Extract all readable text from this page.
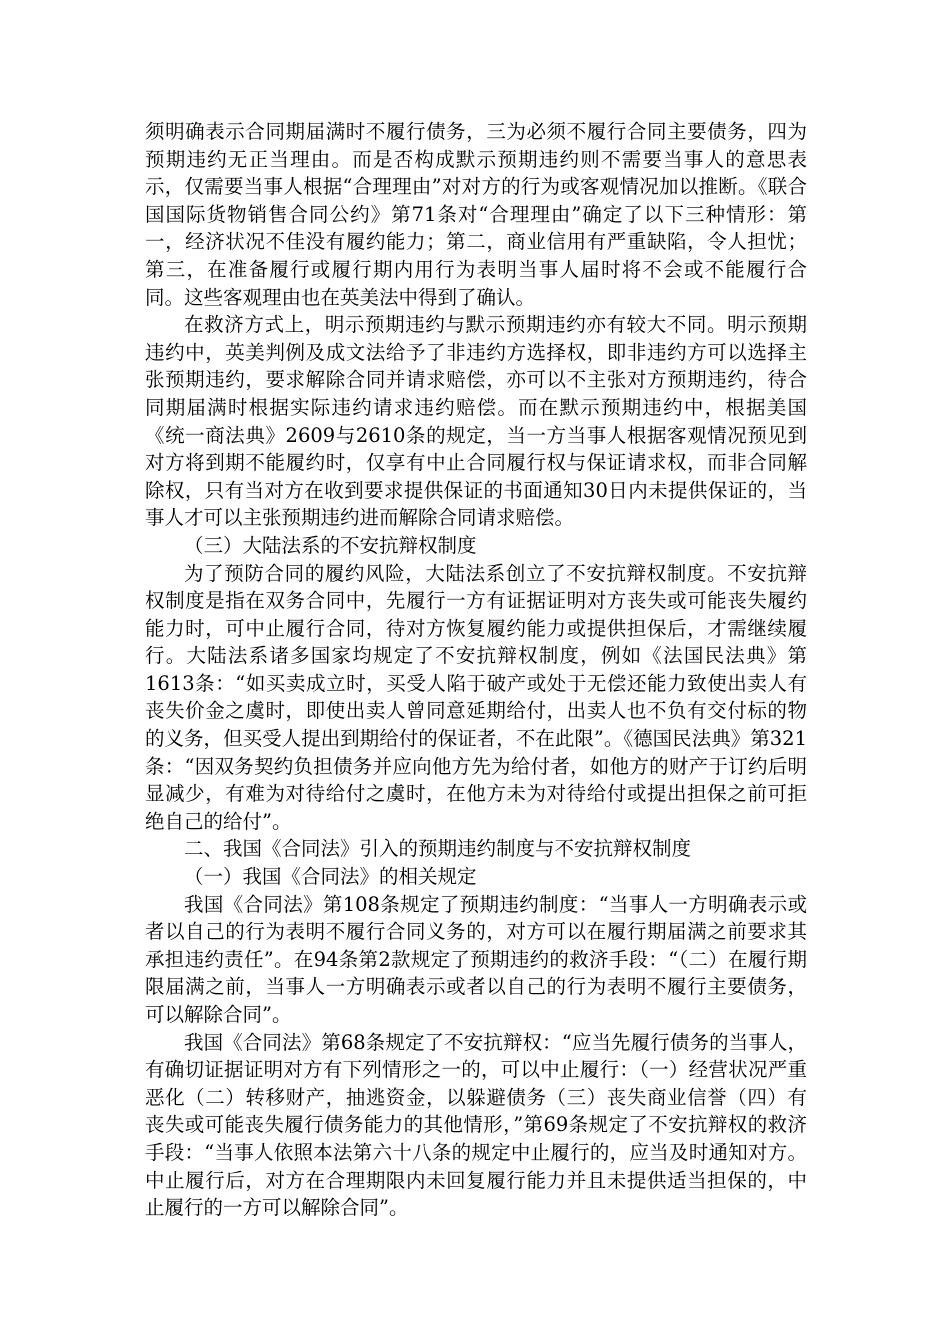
须明确表示合同期届满时不履行债务，三为必须不履行合同主要债务，四为预期违约无正当理由。而是否构成默示预期违约则不需要当事人的意思表示，仅需要当事人根据“合理理由”对对方的行为或客观情况加以推断。《联合国国际货物销售合同公约》第71条对“合理理由”确定了以下三种情形：第一，经济状况不佳没有履约能力；第二，商业信用有严重缺陷，令人担忧；第三，在准备履行或履行期内用行为表明当事人届时将不会或不能履行合同。这些客观理由也在英美法中得到了确认。

在救济方式上，明示预期违约与默示预期违约亦有较大不同。明示预期违约中，英美判例及成文法给予了非违约方选择权，即非违约方可以选择主张预期违约，要求解除合同并请求赔偿，亦可以不主张对方预期违约，待合同期届满时根据实际违约请求违约赔偿。而在默示预期违约中，根据美国《统一商法典》2609与2610条的规定，当一方当事人根据客观情况预见到对方将到期不能履约时，仅享有中止合同履行权与保证请求权，而非合同解除权，只有当对方在收到要求提供保证的书面通知30日内未提供保证的，当事人才可以主张预期违约进而解除合同请求赔偿。

（三）大陆法系的不安抗辩权制度

为了预防合同的履约风险，大陆法系创立了不安抗辩权制度。不安抗辩权制度是指在双务合同中，先履行一方有证据证明对方丧失或可能丧失履约能力时，可中止履行合同，待对方恢复履约能力或提供担保后，才需继续履行。大陆法系诸多国家均规定了不安抗辩权制度，例如《法国民法典》第1613条：“如买卖成立时，买受人陷于破产或处于无偿还能力致使出卖人有丧失价金之虞时，即使出卖人曾同意延期给付，出卖人也不负有交付标的物的义务，但买受人提出到期给付的保证者，不在此限”。《德国民法典》第321条：“因双务契约负担债务并应向他方先为给付者，如他方的财产于订约后明显减少，有难为对待给付之虞时，在他方未为对待给付或提出担保之前可拒绝自己的给付”。

二、我国《合同法》引入的预期违约制度与不安抗辩权制度

（一）我国《合同法》的相关规定

我国《合同法》第108条规定了预期违约制度：“当事人一方明确表示或者以自己的行为表明不履行合同义务的，对方可以在履行期届满之前要求其承担违约责任”。在94条第2款规定了预期违约的救济手段：“（二）在履行期限届满之前，当事人一方明确表示或者以自己的行为表明不履行主要债务，可以解除合同”。

我国《合同法》第68条规定了不安抗辩权：“应当先履行债务的当事人，有确切证据证明对方有下列情形之一的，可以中止履行：（一）经营状况严重恶化（二）转移财产，抽逃资金，以躲避债务（三）丧失商业信誉（四）有丧失或可能丧失履行债务能力的其他情形，”第69条规定了不安抗辩权的救济手段：“当事人依照本法第六十八条的规定中止履行的，应当及时通知对方。中止履行后，对方在合理期限内未回复履行能力并且未提供适当担保的，中止履行的一方可以解除合同”。
